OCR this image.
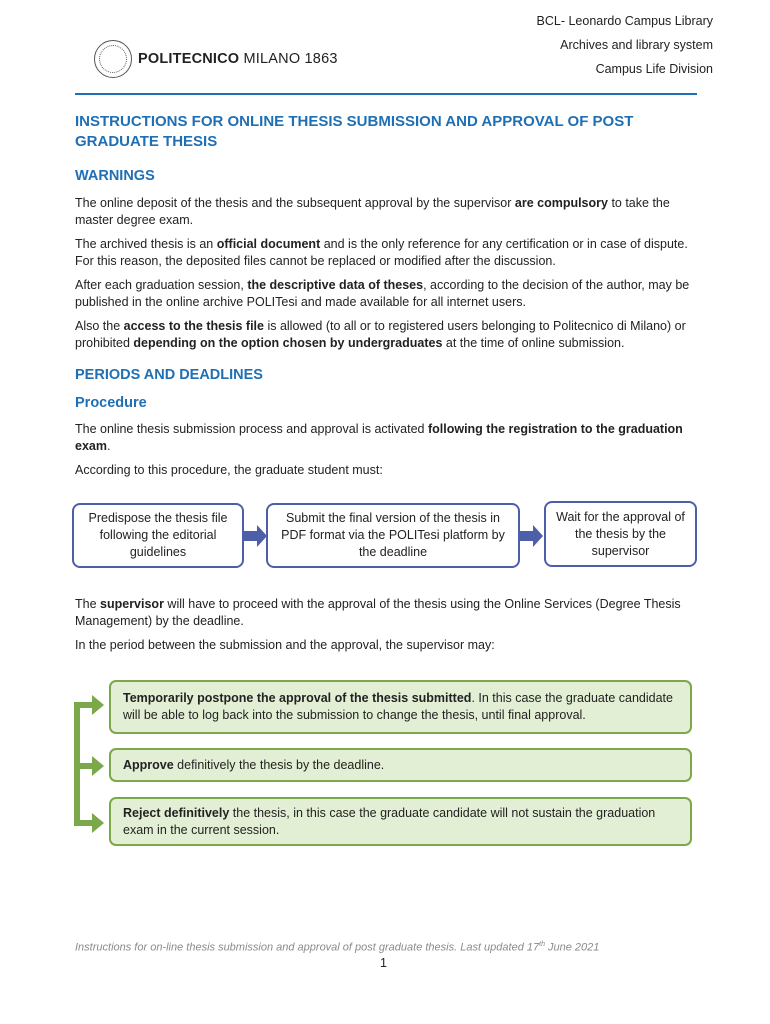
POLITECNICO MILANO 1863
BCL- Leonardo Campus Library
Archives and library system
Campus Life Division
INSTRUCTIONS FOR ONLINE THESIS SUBMISSION AND APPROVAL OF POST GRADUATE THESIS
WARNINGS
The online deposit of the thesis and the subsequent approval by the supervisor are compulsory to take the master degree exam.
The archived thesis is an official document and is the only reference for any certification or in case of dispute. For this reason, the deposited files cannot be replaced or modified after the discussion.
After each graduation session, the descriptive data of theses, according to the decision of the author, may be published in the online archive POLITesi and made available for all internet users.
Also the access to the thesis file is allowed (to all or to registered users belonging to Politecnico di Milano) or prohibited depending on the option chosen by undergraduates at the time of online submission.
PERIODS AND DEADLINES
Procedure
The online thesis submission process and approval is activated following the registration to the graduation exam.
According to this procedure, the graduate student must:
Predispose the thesis file following the editorial guidelines
Submit the final version of the thesis in PDF format via the POLITesi platform by the deadline
Wait for the approval of the thesis by the supervisor
The supervisor will have to proceed with the approval of the thesis using the Online Services (Degree Thesis Management) by the deadline.
In the period between the submission and the approval, the supervisor may:
Temporarily postpone the approval of the thesis submitted. In this case the graduate candidate will be able to log back into the submission to change the thesis, until final approval.
Approve definitively the thesis by the deadline.
Reject definitively the thesis, in this case the graduate candidate will not sustain the graduation exam in the current session.
Instructions for on-line thesis submission and approval of post graduate thesis. Last updated 17th June 2021
1
